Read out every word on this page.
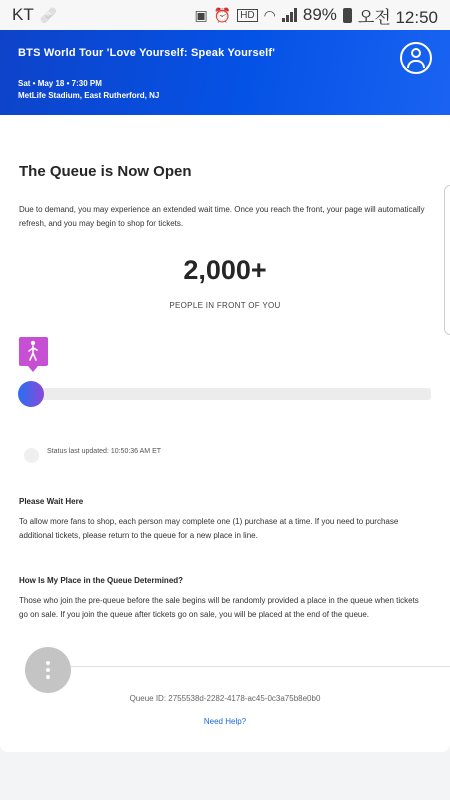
KT 🩹	▣ ⏰ HD ◠ 89% 오전 12:50
BTS World Tour 'Love Yourself: Speak Yourself'
Sat • May 18 • 7:30 PM
MetLife Stadium, East Rutherford, NJ
The Queue is Now Open
Due to demand, you may experience an extended wait time. Once you reach the front, your page will automatically refresh, and you may begin to shop for tickets.
2,000+
PEOPLE IN FRONT OF YOU
Status last updated: 10:50:36 AM ET
Please Wait Here
To allow more fans to shop, each person may complete one (1) purchase at a time. If you need to purchase additional tickets, please return to the queue for a new place in line.
How Is My Place in the Queue Determined?
Those who join the pre-queue before the sale begins will be randomly provided a place in the queue when tickets go on sale. If you join the queue after tickets go on sale, you will be placed at the end of the queue.
Queue ID: 2755538d-2282-4178-ac45-0c3a75b8e0b0
Need Help?
